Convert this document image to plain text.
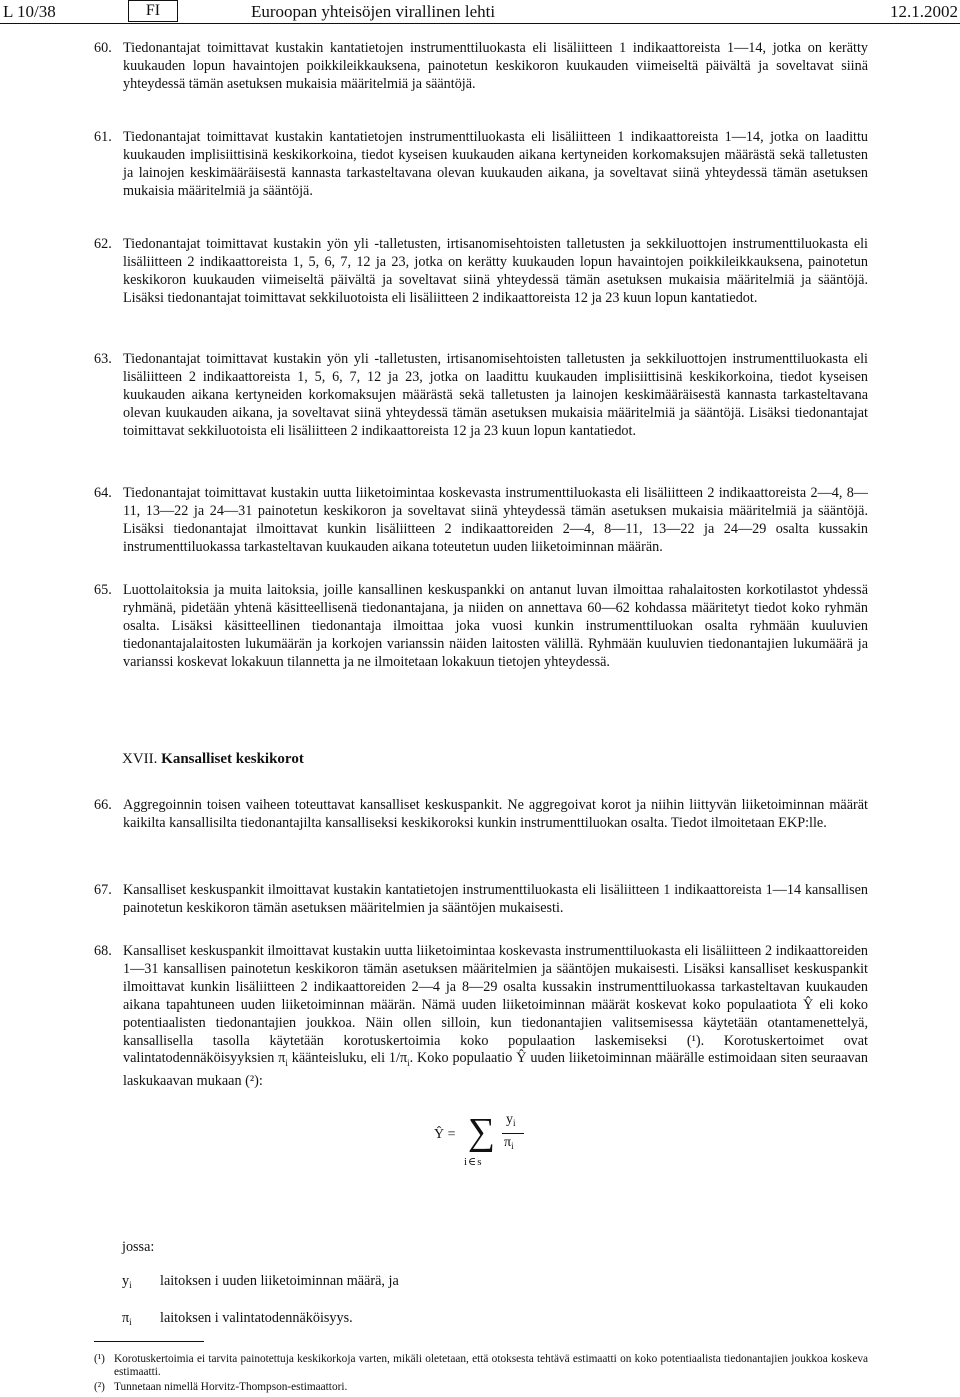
L 10/38	FI	Euroopan yhteisöjen virallinen lehti	12.1.2002
60. Tiedonantajat toimittavat kustakin kantatietojen instrumenttiluokasta eli lisäliitteen 1 indikaattoreista 1—14, jotka on kerätty kuukauden lopun havaintojen poikkileikkauksena, painotetun keskikoron kuukauden viimeiseltä päivältä ja soveltavat siinä yhteydessä tämän asetuksen mukaisia määritelmiä ja sääntöjä.
61. Tiedonantajat toimittavat kustakin kantatietojen instrumenttiluokasta eli lisäliitteen 1 indikaattoreista 1—14, jotka on laadittu kuukauden implisiittisinä keskikorkoina, tiedot kyseisen kuukauden aikana kertyneiden korkomaksujen määrästä sekä talletusten ja lainojen keskimääräisestä kannasta tarkasteltavana olevan kuukauden aikana, ja soveltavat siinä yhteydessä tämän asetuksen mukaisia määritelmiä ja sääntöjä.
62. Tiedonantajat toimittavat kustakin yön yli -talletusten, irtisanomisehtoisten talletusten ja sekkiluottojen instrumenttiluokasta eli lisäliitteen 2 indikaattoreista 1, 5, 6, 7, 12 ja 23, jotka on kerätty kuukauden lopun havaintojen poikkileikkauksena, painotetun keskikoron kuukauden viimeiseltä päivältä ja soveltavat siinä yhteydessä tämän asetuksen mukaisia määritelmiä ja sääntöjä. Lisäksi tiedonantajat toimittavat sekkiluotoista eli lisäliitteen 2 indikaattoreista 12 ja 23 kuun lopun kantatiedot.
63. Tiedonantajat toimittavat kustakin yön yli -talletusten, irtisanomisehtoisten talletusten ja sekkiluottojen instrumenttiluokasta eli lisäliitteen 2 indikaattoreista 1, 5, 6, 7, 12 ja 23, jotka on laadittu kuukauden implisiittisinä keskikorkoina, tiedot kyseisen kuukauden aikana kertyneiden korkomaksujen määrästä sekä talletusten ja lainojen keskimääräisestä kannasta tarkasteltavana olevan kuukauden aikana, ja soveltavat siinä yhteydessä tämän asetuksen mukaisia määritelmiä ja sääntöjä. Lisäksi tiedonantajat toimittavat sekkiluotoista eli lisäliitteen 2 indikaattoreista 12 ja 23 kuun lopun kantatiedot.
64. Tiedonantajat toimittavat kustakin uutta liiketoimintaa koskevasta instrumenttiluokasta eli lisäliitteen 2 indikaattoreista 2—4, 8—11, 13—22 ja 24—31 painotetun keskikoron ja soveltavat siinä yhteydessä tämän asetuksen mukaisia määritelmiä ja sääntöjä. Lisäksi tiedonantajat ilmoittavat kunkin lisäliitteen 2 indikaattoreiden 2—4, 8—11, 13—22 ja 24—29 osalta kussakin instrumenttiluokassa tarkasteltavan kuukauden aikana toteutetun uuden liiketoiminnan määrän.
65. Luottolaitoksia ja muita laitoksia, joille kansallinen keskuspankki on antanut luvan ilmoittaa rahalaitosten korkotilastot yhdessä ryhmänä, pidetään yhtenä käsitteellisenä tiedonantajana, ja niiden on annettava 60—62 kohdassa määritetyt tiedot koko ryhmän osalta. Lisäksi käsitteellinen tiedonantaja ilmoittaa joka vuosi kunkin instrumenttiluokan osalta ryhmään kuuluvien tiedonantajalaitosten lukumäärän ja korkojen varianssin näiden laitosten välillä. Ryhmään kuuluvien tiedonantajien lukumäärä ja varianssi koskevat lokakuun tilannetta ja ne ilmoitetaan lokakuun tietojen yhteydessä.
XVII. Kansalliset keskikorot
66. Aggregoinnin toisen vaiheen toteuttavat kansalliset keskuspankit. Ne aggregoivat korot ja niihin liittyvän liiketoiminnan määrät kaikilta kansallisilta tiedonantajilta kansalliseksi keskikoroksi kunkin instrumenttiluokan osalta. Tiedot ilmoitetaan EKP:lle.
67. Kansalliset keskuspankit ilmoittavat kustakin kantatietojen instrumenttiluokasta eli lisäliitteen 1 indikaattoreista 1—14 kansallisen painotetun keskikoron tämän asetuksen määritelmien ja sääntöjen mukaisesti.
68. Kansalliset keskuspankit ilmoittavat kustakin uutta liiketoimintaa koskevasta instrumenttiluokasta eli lisäliitteen 2 indikaattoreiden 1—31 kansallisen painotetun keskikoron tämän asetuksen määritelmien ja sääntöjen mukaisesti. Lisäksi kansalliset keskuspankit ilmoittavat kunkin lisäliitteen 2 indikaattoreiden 2—4 ja 8—29 osalta kussakin instrumenttiluokassa tarkasteltavan kuukauden aikana tapahtuneen uuden liiketoiminnan määrän. Nämä uuden liiketoiminnan määrät koskevat koko populaatiota Ŷ eli koko potentiaalisten tiedonantajien joukkoa. Näin ollen silloin, kun tiedonantajien valitsemisessa käytetään otantamenettelyä, kansallisella tasolla käytetään korotuskertoimia koko populaation laskemiseksi (¹). Korotuskertoimet ovat valintatodennäköisyyksien $\pi_i$ käänteisluku, eli $1/\pi_i$. Koko populaatio Ŷ uuden liiketoiminnan määrälle estimoidaan siten seuraavan laskukaavan mukaan (²):
Ŷ = ∑
i∈s
$y_i$
$\pi_i$
jossa:
$y_i$ laitoksen i uuden liiketoiminnan määrä, ja
$\pi_i$ laitoksen i valintatodennäköisyys.
(¹) Korotuskertoimia ei tarvita painotettuja keskikorkoja varten, mikäli oletetaan, että otoksesta tehtävä estimaatti on koko potentiaalista tiedonantajien joukkoa koskeva estimaatti.
(²) Tunnetaan nimellä Horvitz-Thompson-estimaattori.
